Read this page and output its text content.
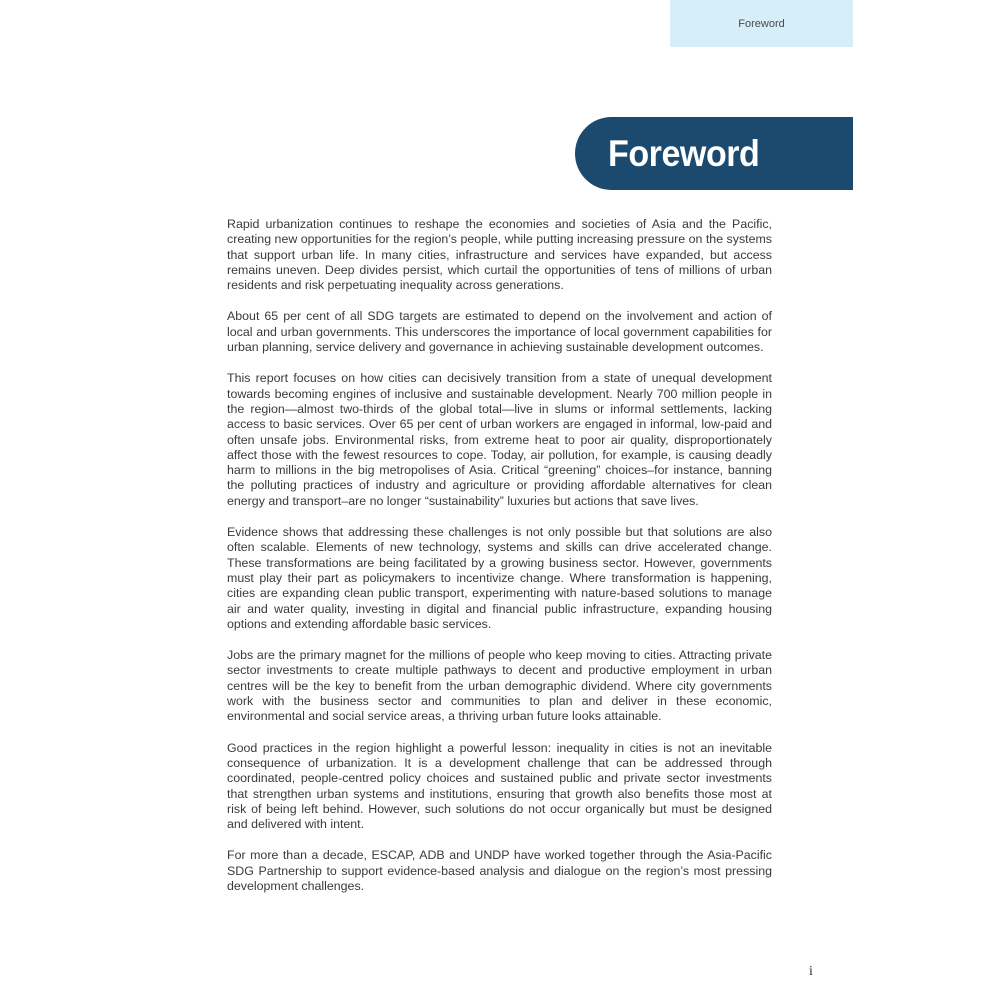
Foreword
Foreword

Rapid urbanization continues to reshape the economies and societies of Asia and the Pacific, creating new opportunities for the region’s people, while putting increasing pressure on the systems that support urban life. In many cities, infrastructure and services have expanded, but access remains uneven. Deep divides persist, which curtail the opportunities of tens of millions of urban residents and risk perpetuating inequality across generations.

About 65 per cent of all SDG targets are estimated to depend on the involvement and action of local and urban governments. This underscores the importance of local government capabilities for urban planning, service delivery and governance in achieving sustainable development outcomes.

This report focuses on how cities can decisively transition from a state of unequal development towards becoming engines of inclusive and sustainable development. Nearly 700 million people in the region—almost two-thirds of the global total—live in slums or informal settlements, lacking access to basic services. Over 65 per cent of urban workers are engaged in informal, low-paid and often unsafe jobs. Environmental risks, from extreme heat to poor air quality, disproportionately affect those with the fewest resources to cope. Today, air pollution, for example, is causing deadly harm to millions in the big metropolises of Asia. Critical “greening” choices–for instance, banning the polluting practices of industry and agriculture or providing affordable alternatives for clean energy and transport–are no longer “sustainability” luxuries but actions that save lives.

Evidence shows that addressing these challenges is not only possible but that solutions are also often scalable. Elements of new technology, systems and skills can drive accelerated change. These transformations are being facilitated by a growing business sector. However, governments must play their part as policymakers to incentivize change. Where transformation is happening, cities are expanding clean public transport, experimenting with nature-based solutions to manage air and water quality, investing in digital and financial public infrastructure, expanding housing options and extending affordable basic services.

Jobs are the primary magnet for the millions of people who keep moving to cities. Attracting private sector investments to create multiple pathways to decent and productive employment in urban centres will be the key to benefit from the urban demographic dividend. Where city governments work with the business sector and communities to plan and deliver in these economic, environmental and social service areas, a thriving urban future looks attainable.

Good practices in the region highlight a powerful lesson: inequality in cities is not an inevitable consequence of urbanization. It is a development challenge that can be addressed through coordinated, people-centred policy choices and sustained public and private sector investments that strengthen urban systems and institutions, ensuring that growth also benefits those most at risk of being left behind. However, such solutions do not occur organically but must be designed and delivered with intent.

For more than a decade, ESCAP, ADB and UNDP have worked together through the Asia-Pacific SDG Partnership to support evidence-based analysis and dialogue on the region’s most pressing development challenges.

i
